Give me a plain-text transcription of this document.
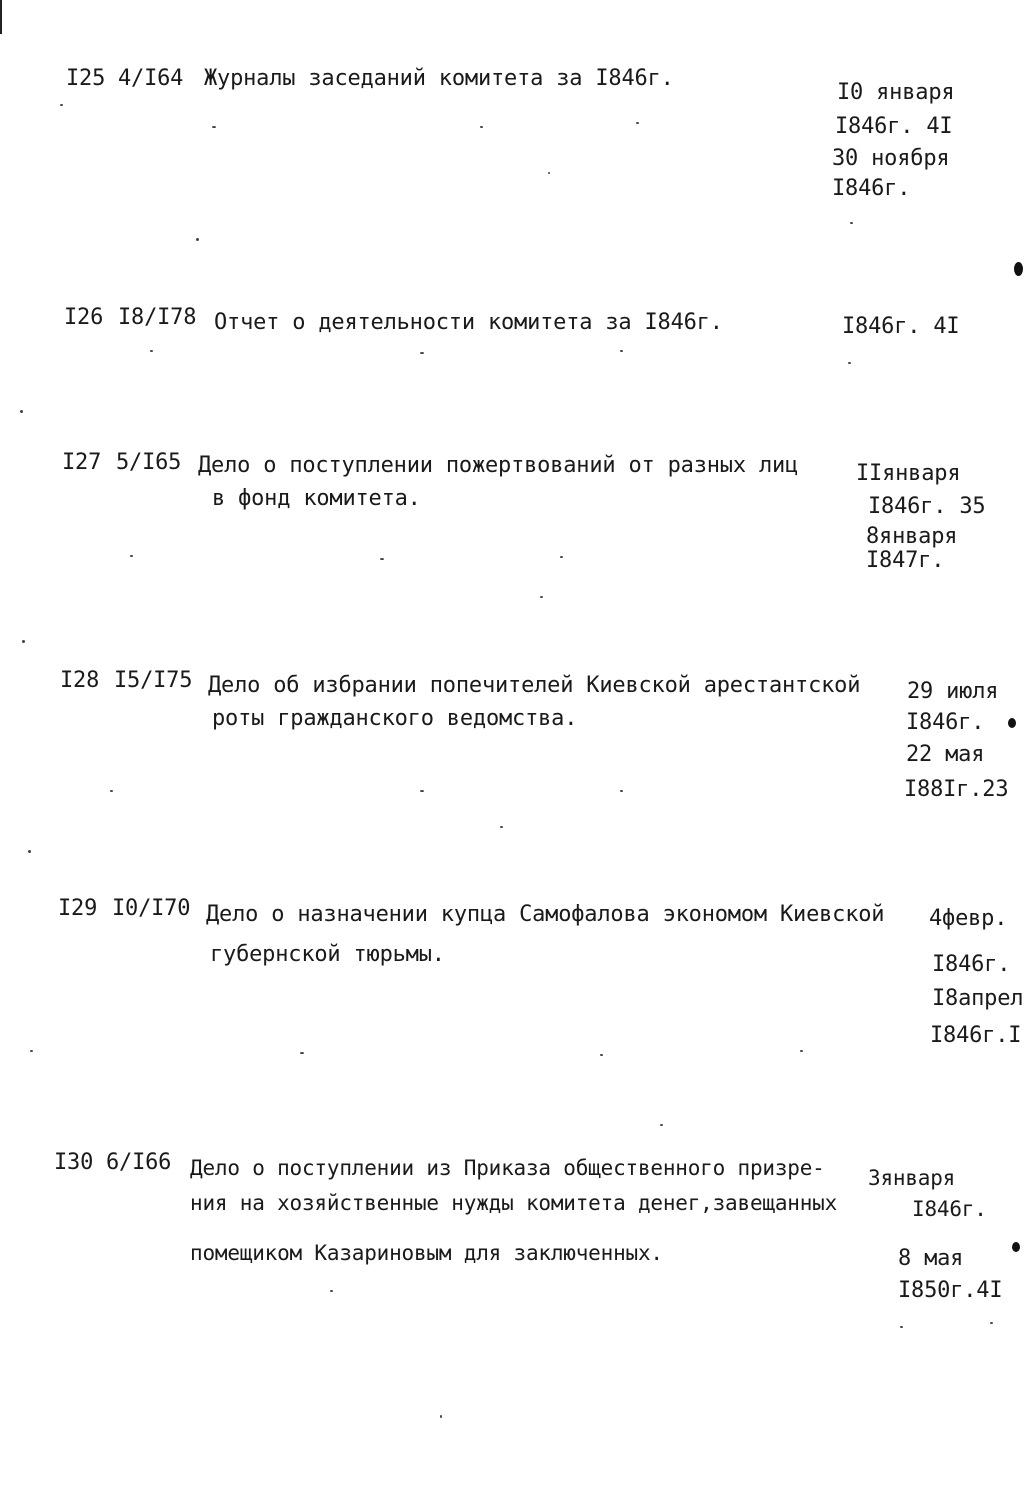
I25 4/I64 Журналы заседаний комитета за I846г.
I0 января
I846г. 4I
30 ноября
I846г.
I26 I8/I78 Отчет о деятельности комитета за I846г.	I846г. 4I
I27 5/I65 Дело о поступлении пожертвований от разных лиц
в фонд комитета.
IIянваря
I846г. 35
8января
I847г.
I28 I5/I75 Дело об избрании попечителей Киевской арестантской
роты гражданского ведомства.
29 июля
I846г.
22 мая
I88Iг.23
I29 I0/I70 Дело о назначении купца Самофалова экономом Киевской
губернской тюрьмы.
4февр.
I846г.
I8апрел
I846г.I
I30 6/I66 Дело о поступлении из Приказа общественного призре-
ния на хозяйственные нужды комитета денег,завещанных
помещиком Казариновым для заключенных.
3января
I846г.
8 мая
I850г.4I
